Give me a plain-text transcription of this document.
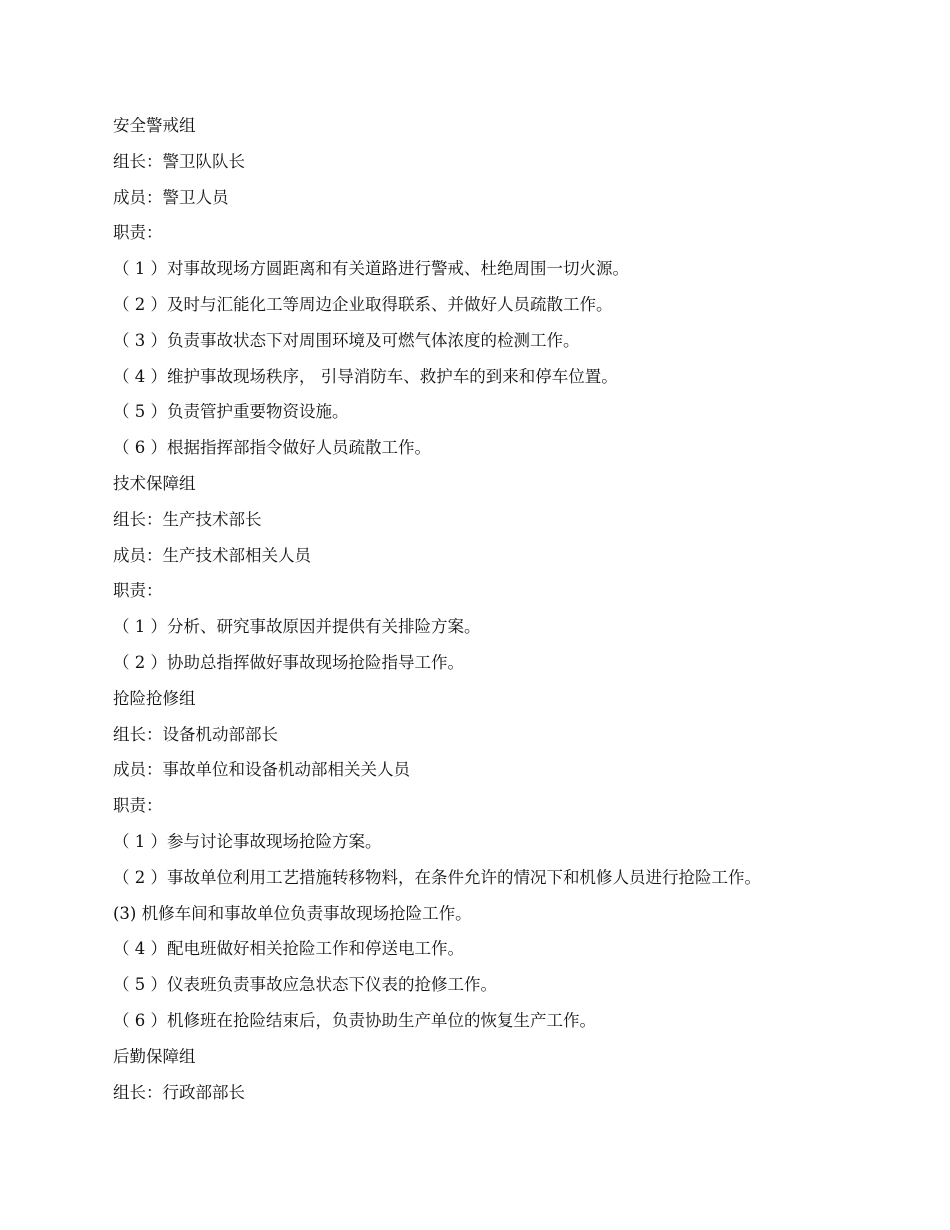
安全警戒组
组长：警卫队队长
成员：警卫人员
职责：
（ 1 ）对事故现场方圆距离和有关道路进行警戒、杜绝周围一切火源。
（ 2 ）及时与汇能化工等周边企业取得联系、并做好人员疏散工作。
（ 3 ）负责事故状态下对周围环境及可燃气体浓度的检测工作。
（ 4 ）维护事故现场秩序， 引导消防车、救护车的到来和停车位置。
（ 5 ）负责管护重要物资设施。
（ 6 ）根据指挥部指令做好人员疏散工作。
技术保障组
组长：生产技术部长
成员：生产技术部相关人员
职责：
（ 1 ）分析、研究事故原因并提供有关排险方案。
（ 2 ）协助总指挥做好事故现场抢险指导工作。
抢险抢修组
组长：设备机动部部长
成员：事故单位和设备机动部相关关人员
职责：
（ 1 ）参与讨论事故现场抢险方案。
（ 2 ）事故单位利用工艺措施转移物料，在条件允许的情况下和机修人员进行抢险工作。
(3) 机修车间和事故单位负责事故现场抢险工作。
（ 4 ）配电班做好相关抢险工作和停送电工作。
（ 5 ）仪表班负责事故应急状态下仪表的抢修工作。
（ 6 ）机修班在抢险结束后，负责协助生产单位的恢复生产工作。
后勤保障组
组长：行政部部长
